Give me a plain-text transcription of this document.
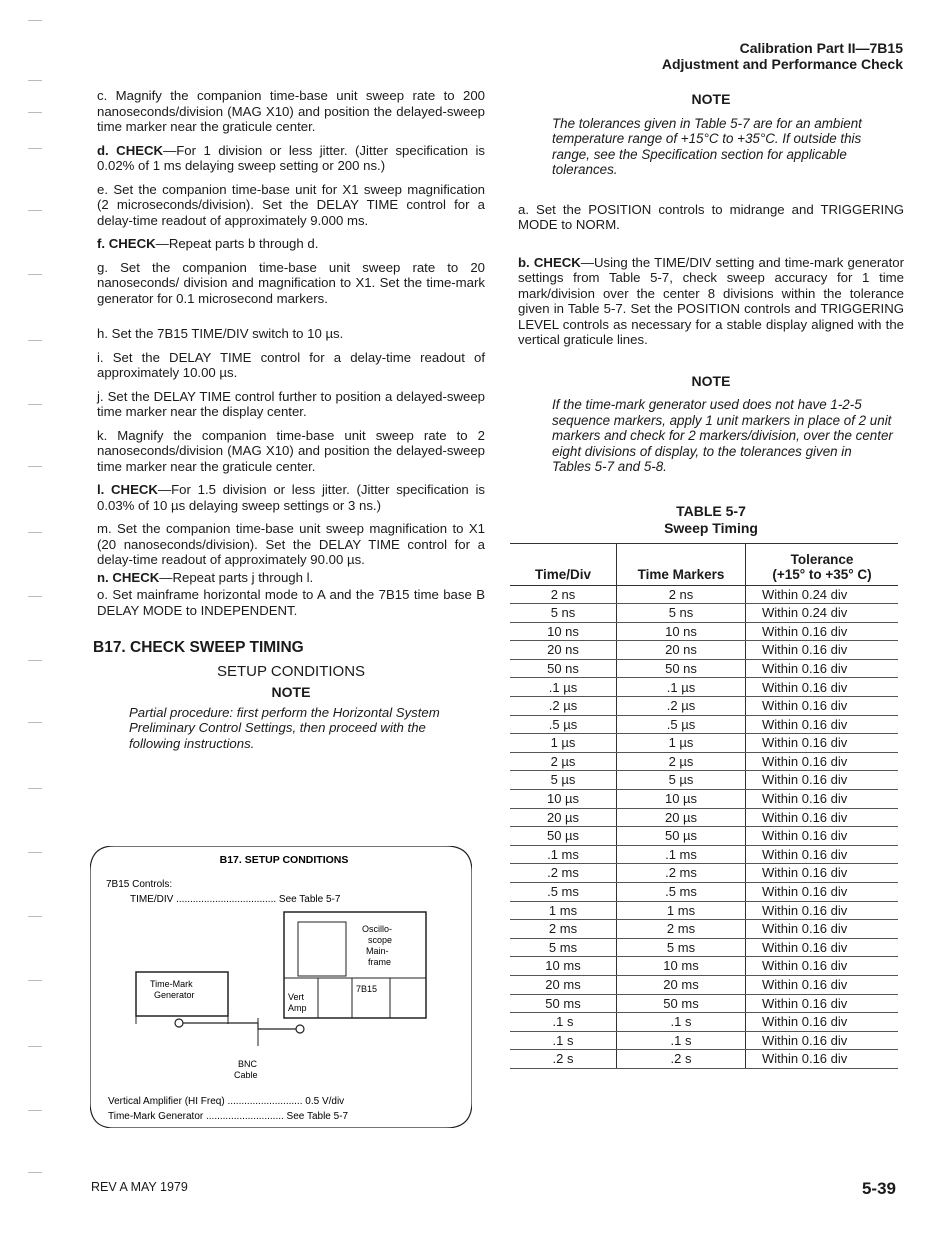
Calibration Part II—7B15
Adjustment and Performance Check

c. Magnify the companion time-base unit sweep rate to 200 nanoseconds/division (MAG X10) and position the delayed-sweep time marker near the graticule center.

d. CHECK—For 1 division or less jitter. (Jitter specification is 0.02% of 1 ms delaying sweep setting or 200 ns.)

e. Set the companion time-base unit for X1 sweep magnification (2 microseconds/division). Set the DELAY TIME control for a delay-time readout of approximately 9.000 ms.

f. CHECK—Repeat parts b through d.

g. Set the companion time-base unit sweep rate to 20 nanoseconds/ division and magnification to X1. Set the time-mark generator for 0.1 microsecond markers.

h. Set the 7B15 TIME/DIV switch to 10 µs.

i. Set the DELAY TIME control for a delay-time readout of approximately 10.00 µs.

j. Set the DELAY TIME control further to position a delayed-sweep time marker near the display center.

k. Magnify the companion time-base unit sweep rate to 2 nanoseconds/division (MAG X10) and position the delayed-sweep time marker near the graticule center.

l. CHECK—For 1.5 division or less jitter. (Jitter specification is 0.03% of 10 µs delaying sweep settings or 3 ns.)

m. Set the companion time-base unit sweep magnification to X1 (20 nanoseconds/division). Set the DELAY TIME control for a delay-time readout of approximately 90.00 µs.

n. CHECK—Repeat parts j through l.

o. Set mainframe horizontal mode to A and the 7B15 time base B DELAY MODE to INDEPENDENT.

B17. CHECK SWEEP TIMING
SETUP CONDITIONS
NOTE
Partial procedure: first perform the Horizontal System Preliminary Control Settings, then proceed with the following instructions.
B17. SETUP CONDITIONS
7B15 Controls:
TIME/DIV .................................... See Table 5-7
Oscillo-
scope
Main-
frame
7B15
Vert
Amp
Time-Mark
Generator
BNC
Cable
Vertical Amplifier (HI Freq) ........................... 0.5 V/div
Time-Mark Generator ............................ See Table 5-7
NOTE
The tolerances given in Table 5-7 are for an ambient temperature range of +15°C to +35°C. If outside this range, see the Specification section for applicable tolerances.

a. Set the POSITION controls to midrange and TRIGGERING MODE to NORM.

b. CHECK—Using the TIME/DIV setting and time-mark generator settings from Table 5-7, check sweep accuracy for 1 time mark/division over the center 8 divisions within the tolerance given in Table 5-7. Set the POSITION controls and TRIGGERING LEVEL controls as necessary for a stable display aligned with the vertical graticule lines.

NOTE
If the time-mark generator used does not have 1-2-5 sequence markers, apply 1 unit markers in place of 2 unit markers and check for 2 markers/division, over the center eight divisions of display, to the tolerances given in Tables 5-7 and 5-8.
TABLE 5-7
Sweep Timing
Time/Div	Time Markers	Tolerance
(+15° to +35° C)

2 ns	2 ns	Within 0.24 div
5 ns	5 ns	Within 0.24 div
10 ns	10 ns	Within 0.16 div
20 ns	20 ns	Within 0.16 div
50 ns	50 ns	Within 0.16 div
.1 µs	.1 µs	Within 0.16 div
.2 µs	.2 µs	Within 0.16 div
.5 µs	.5 µs	Within 0.16 div
1 µs	1 µs	Within 0.16 div
2 µs	2 µs	Within 0.16 div
5 µs	5 µs	Within 0.16 div
10 µs	10 µs	Within 0.16 div
20 µs	20 µs	Within 0.16 div
50 µs	50 µs	Within 0.16 div
.1 ms	.1 ms	Within 0.16 div
.2 ms	.2 ms	Within 0.16 div
.5 ms	.5 ms	Within 0.16 div
1 ms	1 ms	Within 0.16 div
2 ms	2 ms	Within 0.16 div
5 ms	5 ms	Within 0.16 div
10 ms	10 ms	Within 0.16 div
20 ms	20 ms	Within 0.16 div
50 ms	50 ms	Within 0.16 div
.1 s	.1 s	Within 0.16 div
.1 s	.1 s	Within 0.16 div
.2 s	.2 s	Within 0.16 div
REV A MAY 1979	5-39
